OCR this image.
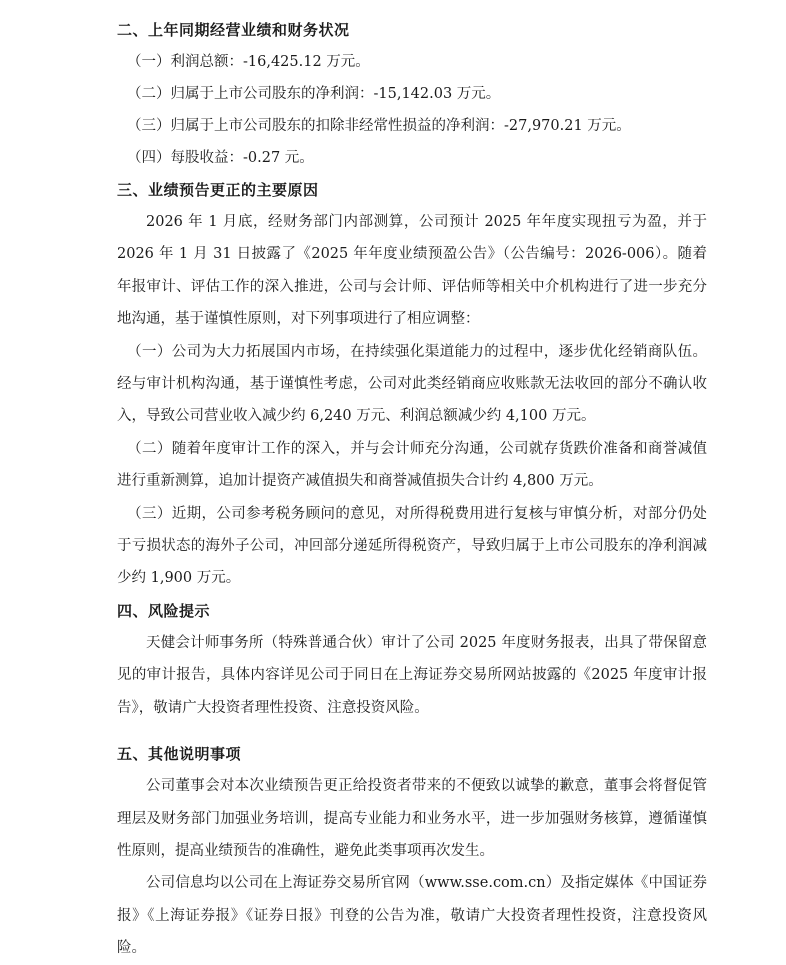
二、上年同期经营业绩和财务状况

（一）利润总额：-16,425.12 万元。

（二）归属于上市公司股东的净利润：-15,142.03 万元。

（三）归属于上市公司股东的扣除非经常性损益的净利润：-27,970.21 万元。

（四）每股收益：-0.27 元。

三、业绩预告更正的主要原因

2026 年 1 月底，经财务部门内部测算，公司预计 2025 年年度实现扭亏为盈，并于 2026 年 1 月 31 日披露了《2025 年年度业绩预盈公告》（公告编号：2026-006）。随着年报审计、评估工作的深入推进，公司与会计师、评估师等相关中介机构进行了进一步充分地沟通，基于谨慎性原则，对下列事项进行了相应调整：

（一）公司为大力拓展国内市场，在持续强化渠道能力的过程中，逐步优化经销商队伍。经与审计机构沟通，基于谨慎性考虑，公司对此类经销商应收账款无法收回的部分不确认收入，导致公司营业收入减少约 6,240 万元、利润总额减少约 4,100 万元。

（二）随着年度审计工作的深入，并与会计师充分沟通，公司就存货跌价准备和商誉减值进行重新测算，追加计提资产减值损失和商誉减值损失合计约 4,800 万元。

（三）近期，公司参考税务顾问的意见，对所得税费用进行复核与审慎分析，对部分仍处于亏损状态的海外子公司，冲回部分递延所得税资产，导致归属于上市公司股东的净利润减少约 1,900 万元。

四、风险提示

天健会计师事务所（特殊普通合伙）审计了公司 2025 年度财务报表，出具了带保留意见的审计报告，具体内容详见公司于同日在上海证券交易所网站披露的《2025 年度审计报告》，敬请广大投资者理性投资、注意投资风险。

五、其他说明事项

公司董事会对本次业绩预告更正给投资者带来的不便致以诚挚的歉意，董事会将督促管理层及财务部门加强业务培训，提高专业能力和业务水平，进一步加强财务核算，遵循谨慎性原则，提高业绩预告的准确性，避免此类事项再次发生。

公司信息均以公司在上海证券交易所官网（www.sse.com.cn）及指定媒体《中国证券报》《上海证券报》《证券日报》刊登的公告为准，敬请广大投资者理性投资，注意投资风险。
